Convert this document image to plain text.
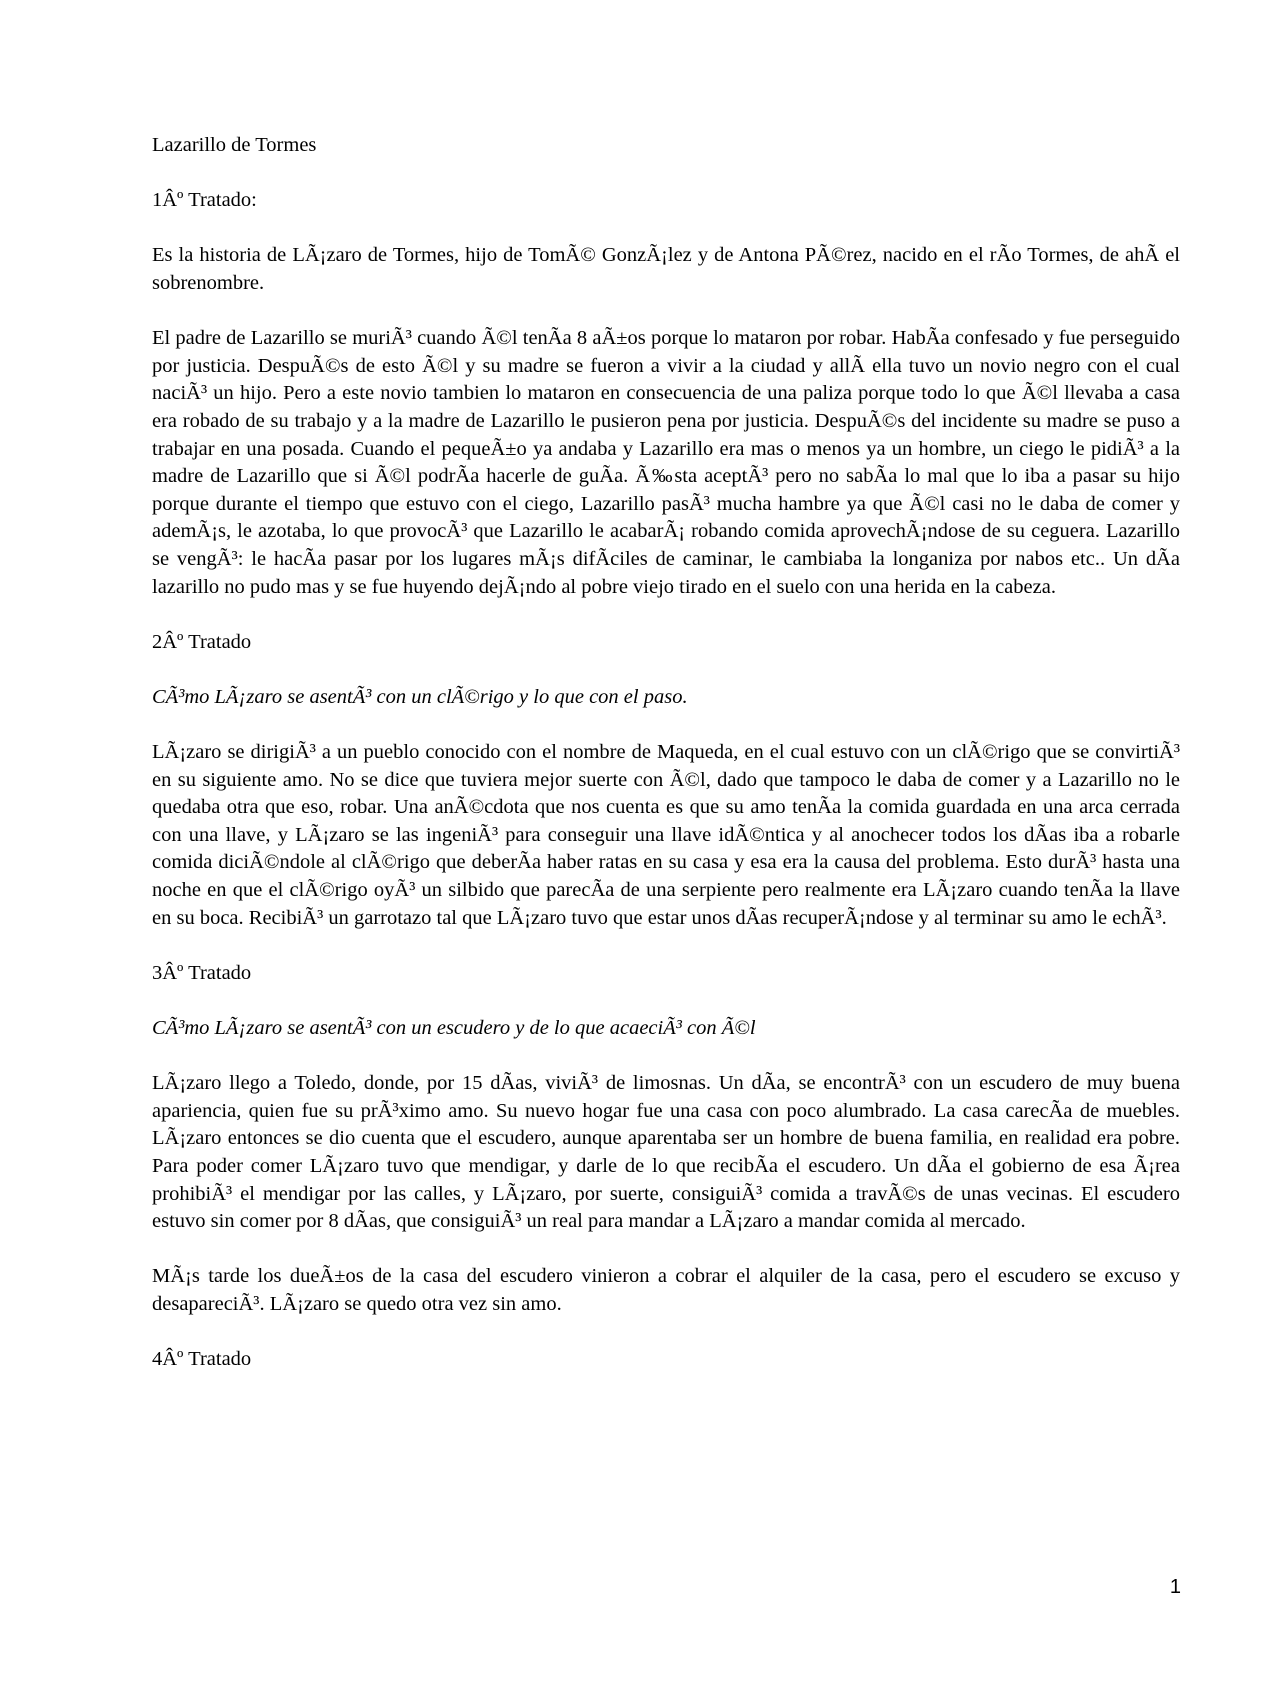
Lazarillo de Tormes

1Âº Tratado:

Es la historia de LÃ¡zaro de Tormes, hijo de TomÃ© GonzÃ¡lez y de Antona PÃ©rez, nacido en el rÃo Tormes, de ahÃ el sobrenombre.

El padre de Lazarillo se muriÃ³ cuando Ã©l tenÃa 8 aÃ±os porque lo mataron por robar. HabÃa confesado y fue perseguido por justicia. DespuÃ©s de esto Ã©l y su madre se fueron a vivir a la ciudad y allÃ ella tuvo un novio negro con el cual naciÃ³ un hijo. Pero a este novio tambien lo mataron en consecuencia de una paliza porque todo lo que Ã©l llevaba a casa era robado de su trabajo y a la madre de Lazarillo le pusieron pena por justicia. DespuÃ©s del incidente su madre se puso a trabajar en una posada. Cuando el pequeÃ±o ya andaba y Lazarillo era mas o menos ya un hombre, un ciego le pidiÃ³ a la madre de Lazarillo que si Ã©l podrÃa hacerle de guÃa. Ã‰sta aceptÃ³ pero no sabÃa lo mal que lo iba a pasar su hijo porque durante el tiempo que estuvo con el ciego, Lazarillo pasÃ³ mucha hambre ya que Ã©l casi no le daba de comer y ademÃ¡s, le azotaba, lo que provocÃ³ que Lazarillo le acabarÃ¡ robando comida aprovechÃ¡ndose de su ceguera. Lazarillo se vengÃ³: le hacÃa pasar por los lugares mÃ¡s difÃciles de caminar, le cambiaba la longaniza por nabos etc.. Un dÃa lazarillo no pudo mas y se fue huyendo dejÃ¡ndo al pobre viejo tirado en el suelo con una herida en la cabeza.

2Âº Tratado

CÃ³mo LÃ¡zaro se asentÃ³ con un clÃ©rigo y lo que con el paso.

LÃ¡zaro se dirigiÃ³ a un pueblo conocido con el nombre de Maqueda, en el cual estuvo con un clÃ©rigo que se convirtiÃ³ en su siguiente amo. No se dice que tuviera mejor suerte con Ã©l, dado que tampoco le daba de comer y a Lazarillo no le quedaba otra que eso, robar. Una anÃ©cdota que nos cuenta es que su amo tenÃa la comida guardada en una arca cerrada con una llave, y LÃ¡zaro se las ingeniÃ³ para conseguir una llave idÃ©ntica y al anochecer todos los dÃas iba a robarle comida diciÃ©ndole al clÃ©rigo que deberÃa haber ratas en su casa y esa era la causa del problema. Esto durÃ³ hasta una noche en que el clÃ©rigo oyÃ³ un silbido que parecÃa de una serpiente pero realmente era LÃ¡zaro cuando tenÃa la llave en su boca. RecibiÃ³ un garrotazo tal que LÃ¡zaro tuvo que estar unos dÃas recuperÃ¡ndose y al terminar su amo le echÃ³.

3Âº Tratado

CÃ³mo LÃ¡zaro se asentÃ³ con un escudero y de lo que acaeciÃ³ con Ã©l

LÃ¡zaro llego a Toledo, donde, por 15 dÃas, viviÃ³ de limosnas. Un dÃa, se encontrÃ³ con un escudero de muy buena apariencia, quien fue su prÃ³ximo amo. Su nuevo hogar fue una casa con poco alumbrado. La casa carecÃa de muebles. LÃ¡zaro entonces se dio cuenta que el escudero, aunque aparentaba ser un hombre de buena familia, en realidad era pobre. Para poder comer LÃ¡zaro tuvo que mendigar, y darle de lo que recibÃa el escudero. Un dÃa el gobierno de esa Ã¡rea prohibiÃ³ el mendigar por las calles, y LÃ¡zaro, por suerte, consiguiÃ³ comida a travÃ©s de unas vecinas. El escudero estuvo sin comer por 8 dÃas, que consiguiÃ³ un real para mandar a LÃ¡zaro a mandar comida al mercado.

MÃ¡s tarde los dueÃ±os de la casa del escudero vinieron a cobrar el alquiler de la casa, pero el escudero se excuso y desapareciÃ³. LÃ¡zaro se quedo otra vez sin amo.

4Âº Tratado

1
